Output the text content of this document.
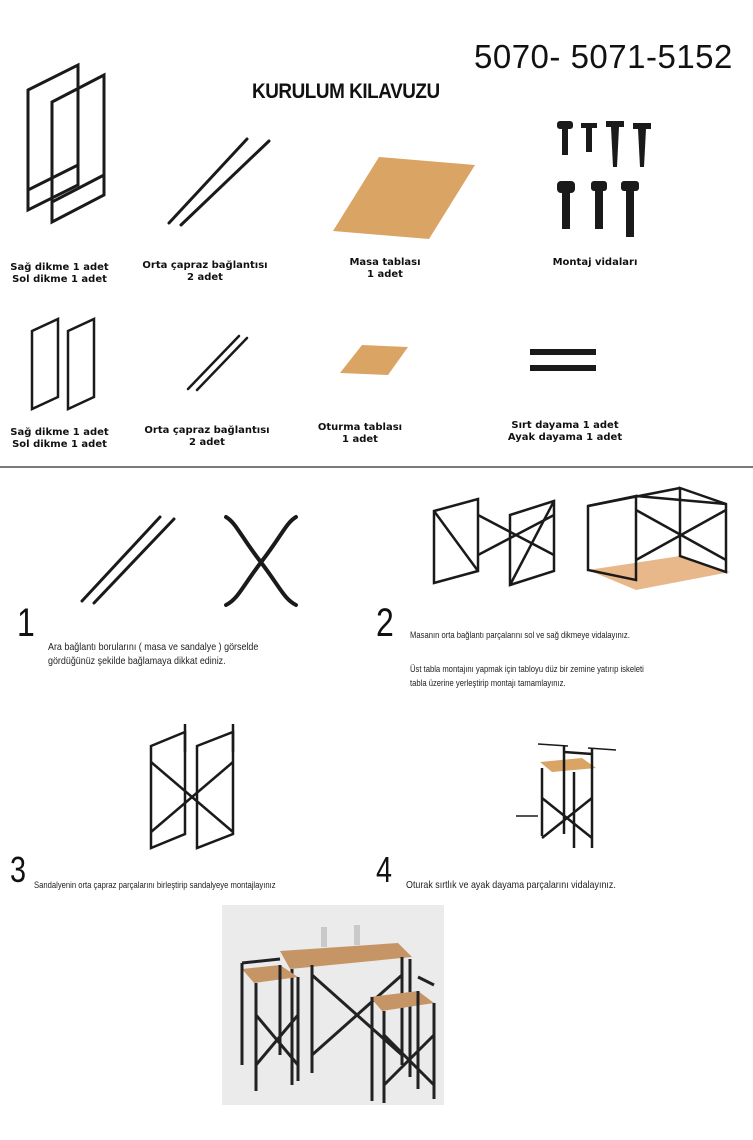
5070- 5071-5152
KURULUM KILAVUZU
Sağ dikme 1 adet
Sol dikme 1 adet
Orta çapraz bağlantısı
2 adet
Masa tablası
1 adet
Montaj vidaları
Sağ dikme 1 adet
Sol dikme 1 adet
Orta çapraz bağlantısı
2 adet
Oturma tablası
1 adet
Sırt dayama 1 adet
Ayak dayama 1 adet
1
Ara bağlantı borularını ( masa ve sandalye ) görselde
gördüğünüz şekilde bağlamaya dikkat ediniz.
2 Masanın orta bağlantı parçalarını sol ve sağ dikmeye vidalayınız.
Üst tabla montajını yapmak için tabloyu düz bir zemine yatırıp iskeleti
tabla üzerine yerleştirip montajı tamamlayınız.
3 Sandalyenin orta çapraz parçalarını birleştirip sandalyeye montajlayınız	4 Oturak sırtlık ve ayak dayama parçalarını vidalayınız.
